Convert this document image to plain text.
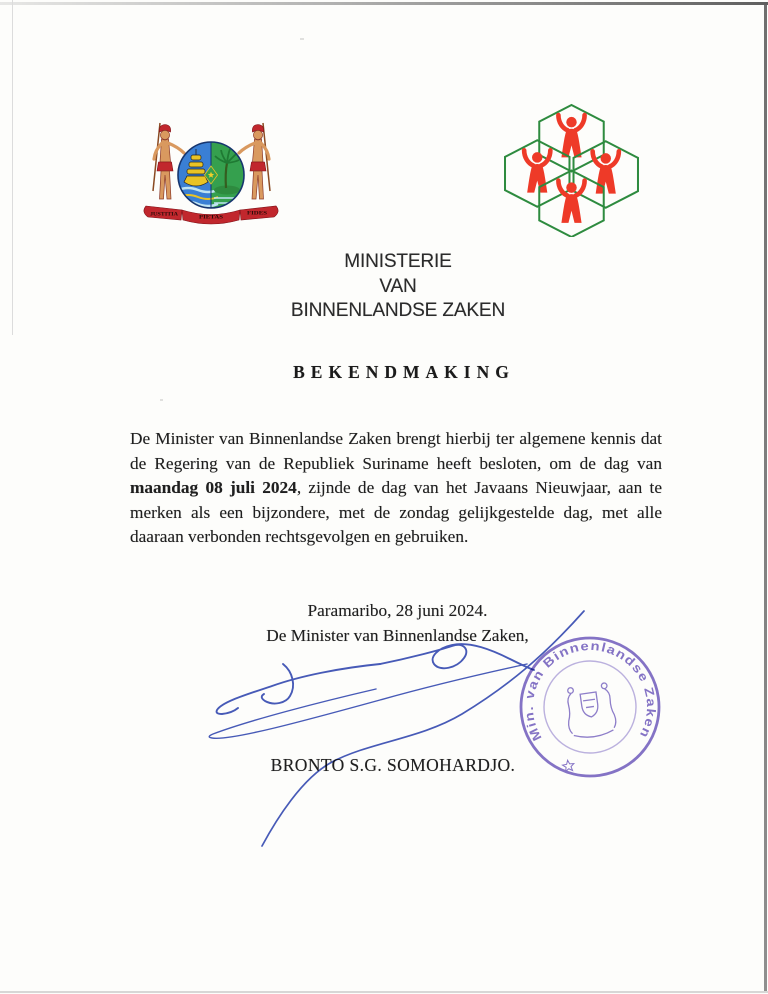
JUSTITIA	PIETAS
FIDES
MINISTERIE
VAN
BINNENLANDSE ZAKEN
BEKENDMAKING
De Minister van Binnenlandse Zaken brengt hierbij ter algemene kennis dat
de Regering van de Republiek Suriname heeft besloten, om de dag van
maandag 08 juli 2024, zijnde de dag van het Javaans Nieuwjaar, aan te
merken als een bijzondere, met de zondag gelijkgestelde dag, met alle
daaraan verbonden rechtsgevolgen en gebruiken.
Paramaribo, 28 juni 2024.
De Minister van Binnenlandse Zaken,
BRONTO S.G. SOMOHARDJO.
Min. van Binnenlandse Zaken
